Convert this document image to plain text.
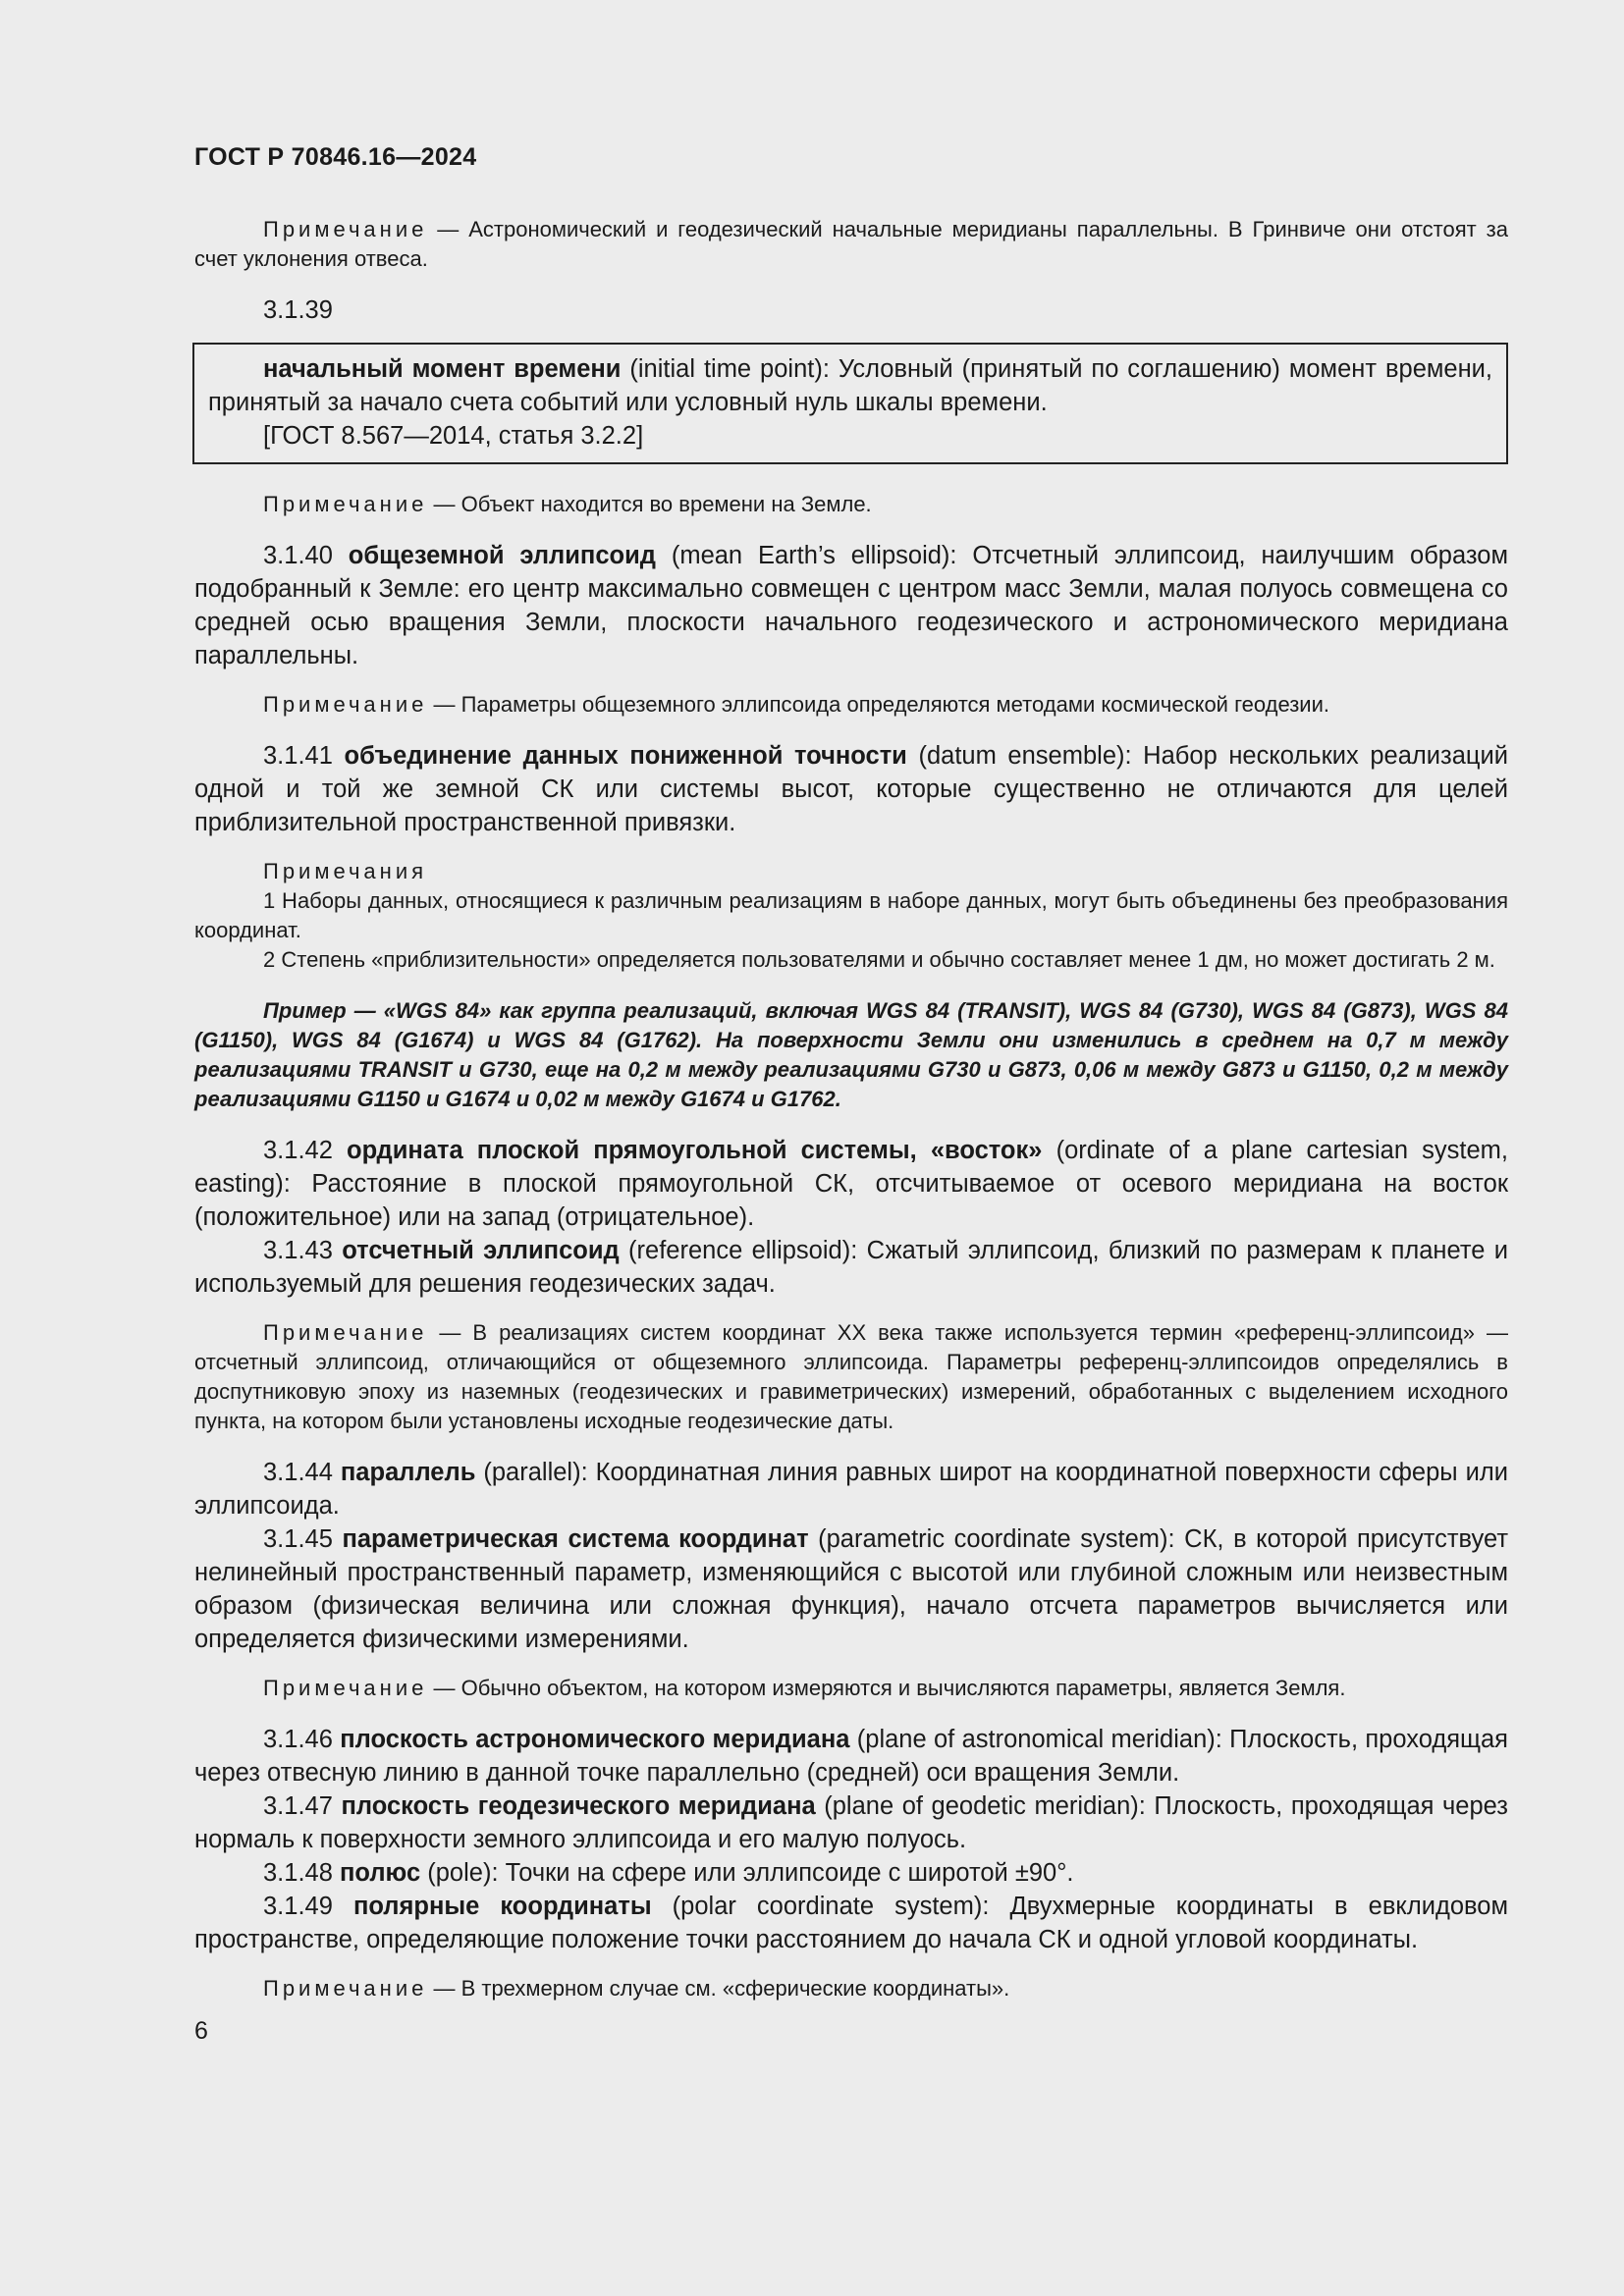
ГОСТ Р 70846.16—2024

Примечание — Астрономический и геодезический начальные меридианы параллельны. В Гринвиче они отстоят за счет уклонения отвеса.

3.1.39

начальный момент времени (initial time point): Условный (принятый по соглашению) момент времени, принятый за начало счета событий или условный нуль шкалы времени.

[ГОСТ 8.567—2014, статья 3.2.2]

Примечание — Объект находится во времени на Земле.

3.1.40 общеземной эллипсоид (mean Earth’s ellipsoid): Отсчетный эллипсоид, наилучшим образом подобранный к Земле: его центр максимально совмещен с центром масс Земли, малая полуось совмещена со средней осью вращения Земли, плоскости начального геодезического и астрономического меридиана параллельны.

Примечание — Параметры общеземного эллипсоида определяются методами космической геодезии.

3.1.41 объединение данных пониженной точности (datum ensemble): Набор нескольких реализаций одной и той же земной СК или системы высот, которые существенно не отличаются для целей приблизительной пространственной привязки.

Примечания

1 Наборы данных, относящиеся к различным реализациям в наборе данных, могут быть объединены без преобразования координат.

2 Степень «приблизительности» определяется пользователями и обычно составляет менее 1 дм, но может достигать 2 м.

Пример — «WGS 84» как группа реализаций, включая WGS 84 (TRANSIT), WGS 84 (G730), WGS 84 (G873), WGS 84 (G1150), WGS 84 (G1674) и WGS 84 (G1762). На поверхности Земли они изменились в среднем на 0,7 м между реализациями TRANSIT и G730, еще на 0,2 м между реализациями G730 и G873, 0,06 м между G873 и G1150, 0,2 м между реализациями G1150 и G1674 и 0,02 м между G1674 и G1762.

3.1.42 ордината плоской прямоугольной системы, «восток» (ordinate of a plane cartesian system, easting): Расстояние в плоской прямоугольной СК, отсчитываемое от осевого меридиана на восток (положительное) или на запад (отрицательное).

3.1.43 отсчетный эллипсоид (reference ellipsoid): Сжатый эллипсоид, близкий по размерам к планете и используемый для решения геодезических задач.

Примечание — В реализациях систем координат XX века также используется термин «референц-эллипсоид» — отсчетный эллипсоид, отличающийся от общеземного эллипсоида. Параметры референц-эллипсоидов определялись в доспутниковую эпоху из наземных (геодезических и гравиметрических) измерений, обработанных с выделением исходного пункта, на котором были установлены исходные геодезические даты.

3.1.44 параллель (parallel): Координатная линия равных широт на координатной поверхности сферы или эллипсоида.

3.1.45 параметрическая система координат (parametric coordinate system): СК, в которой присутствует нелинейный пространственный параметр, изменяющийся с высотой или глубиной сложным или неизвестным образом (физическая величина или сложная функция), начало отсчета параметров вычисляется или определяется физическими измерениями.

Примечание — Обычно объектом, на котором измеряются и вычисляются параметры, является Земля.

3.1.46 плоскость астрономического меридиана (plane of astronomical meridian): Плоскость, проходящая через отвесную линию в данной точке параллельно (средней) оси вращения Земли.

3.1.47 плоскость геодезического меридиана (plane of geodetic meridian): Плоскость, проходящая через нормаль к поверхности земного эллипсоида и его малую полуось.

3.1.48 полюс (pole): Точки на сфере или эллипсоиде с широтой ±90°.

3.1.49 полярные координаты (polar coordinate system): Двухмерные координаты в евклидовом пространстве, определяющие положение точки расстоянием до начала СК и одной угловой координаты.

Примечание — В трехмерном случае см. «сферические координаты».

6
